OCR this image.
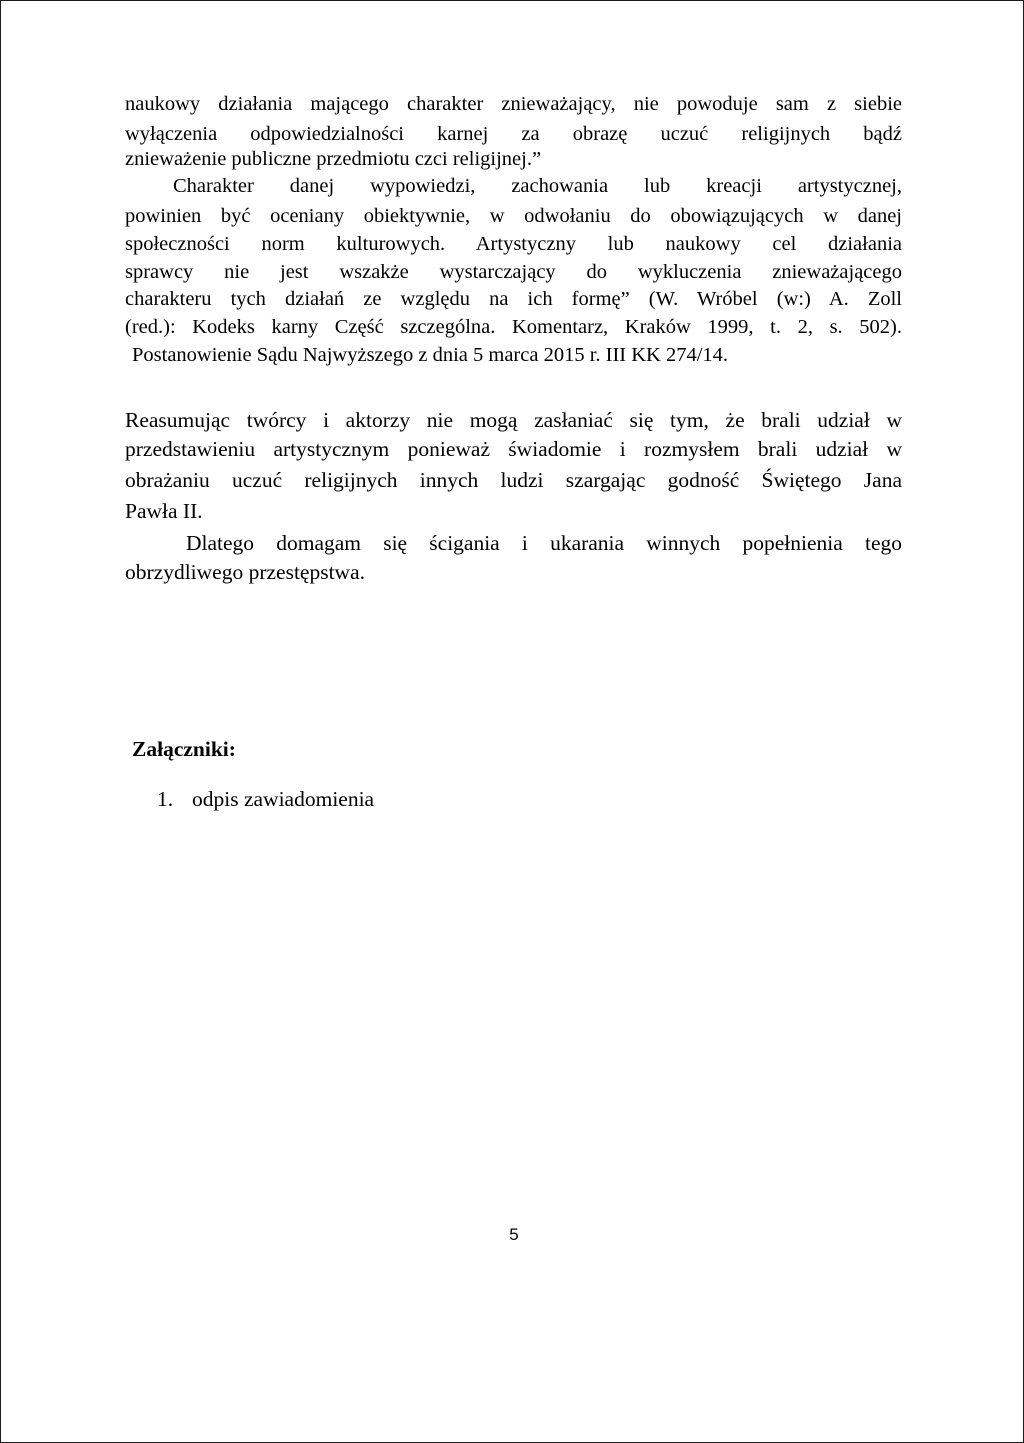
naukowy działania mającego charakter znieważający, nie powoduje sam z siebie

wyłączenia odpowiedzialności karnej za obrazę uczuć religijnych bądź

znieważenie publiczne przedmiotu czci religijnej.”

Charakter danej wypowiedzi, zachowania lub kreacji artystycznej,

powinien być oceniany obiektywnie, w odwołaniu do obowiązujących w danej

społeczności norm kulturowych. Artystyczny lub naukowy cel działania

sprawcy nie jest wszakże wystarczający do wykluczenia znieważającego

charakteru tych działań ze względu na ich formę” (W. Wróbel (w:) A. Zoll

(red.): Kodeks karny Część szczególna. Komentarz, Kraków 1999, t. 2, s. 502).

Postanowienie Sądu Najwyższego z dnia 5 marca 2015 r. III KK 274/14.

Reasumując twórcy i aktorzy nie mogą zasłaniać się tym, że brali udział w

przedstawieniu artystycznym ponieważ świadomie i rozmysłem brali udział w

obrażaniu uczuć religijnych innych ludzi szargając godność Świętego Jana

Pawła II.

Dlatego domagam się ścigania i ukarania winnych popełnienia tego

obrzydliwego przestępstwa.

Załączniki:

1. odpis zawiadomienia

5
